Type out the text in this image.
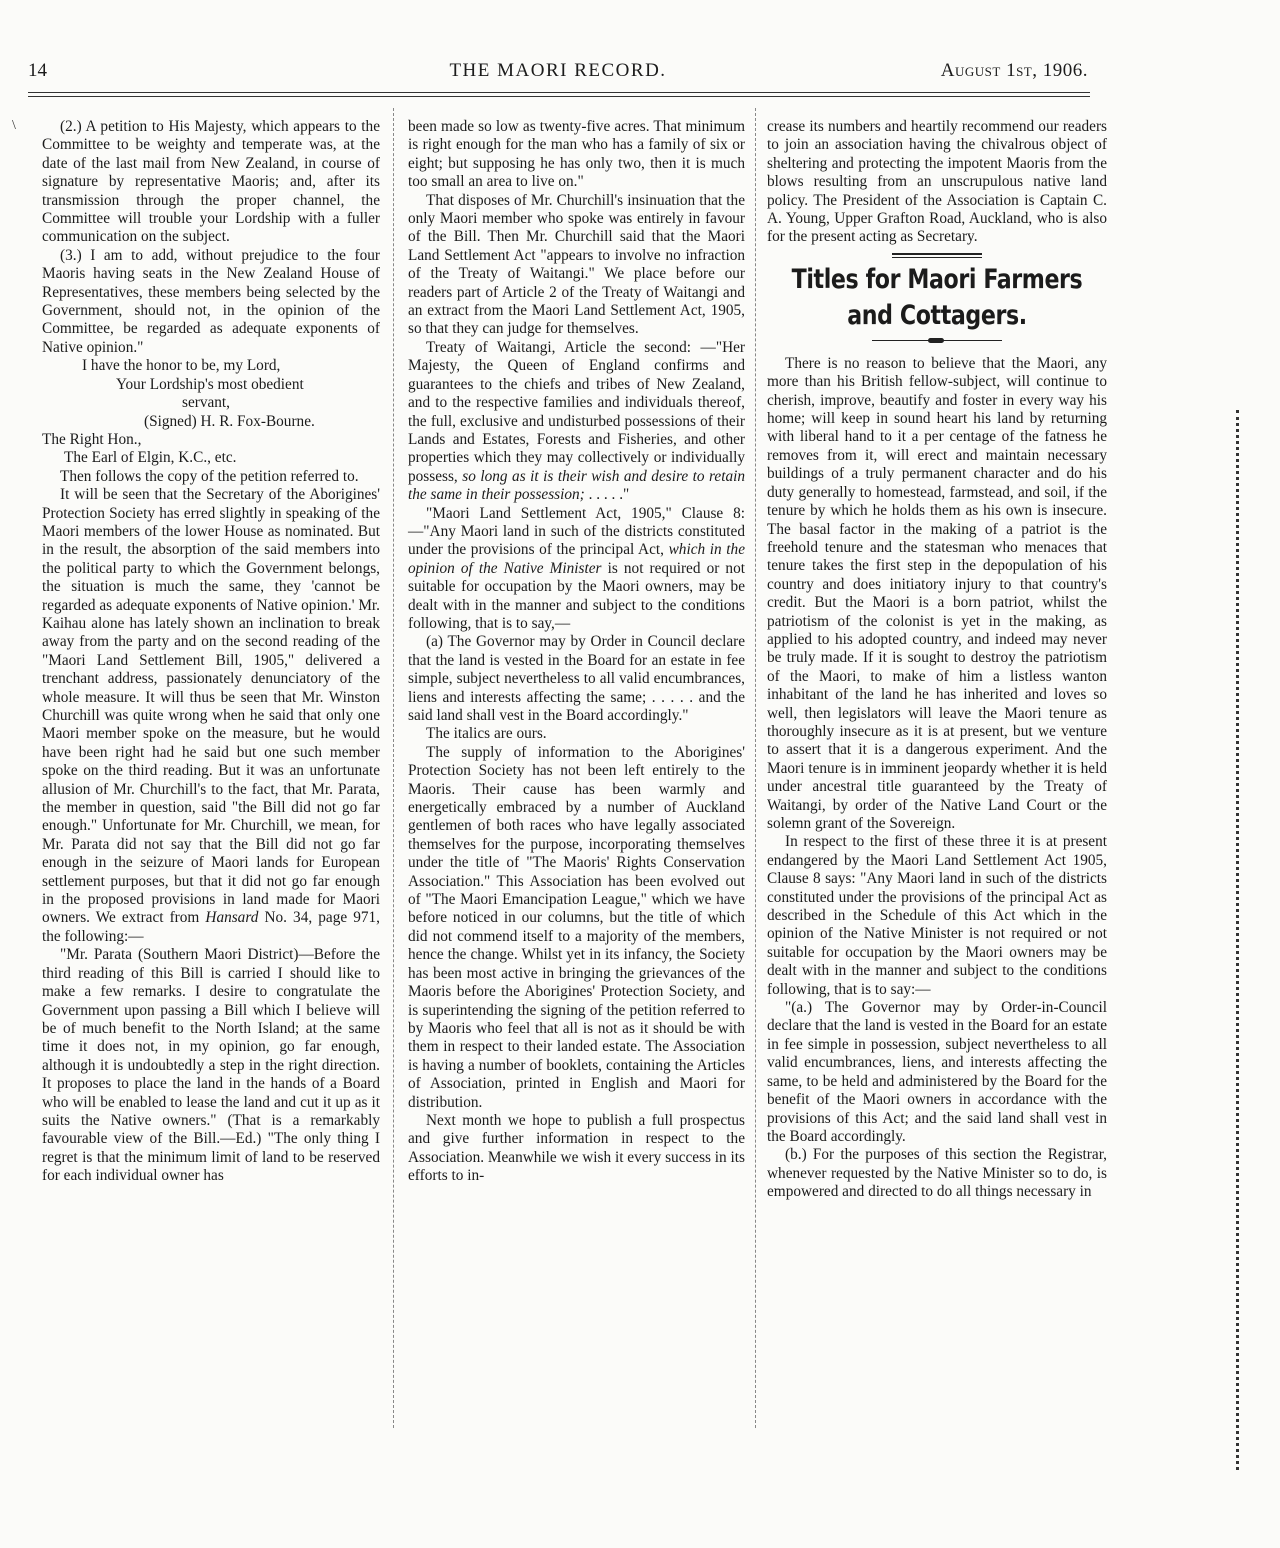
14	THE MAORI RECORD.	August 1st, 1906.

(2.) A petition to His Majesty, which appears to the Committee to be weighty and temperate was, at the date of the last mail from New Zealand, in course of signature by representative Maoris; and, after its transmission through the proper channel, the Committee will trouble your Lordship with a fuller communication on the subject.

(3.) I am to add, without prejudice to the four Maoris having seats in the New Zealand House of Representatives, these members being selected by the Government, should not, in the opinion of the Committee, be regarded as adequate exponents of Native opinion."

I have the honor to be, my Lord,

Your Lordship's most obedient

servant,

(Signed) H. R. Fox-Bourne.

The Right Hon.,

The Earl of Elgin, K.C., etc.

Then follows the copy of the petition referred to.

It will be seen that the Secretary of the Aborigines' Protection Society has erred slightly in speaking of the Maori members of the lower House as nominated. But in the result, the absorption of the said members into the political party to which the Government belongs, the situation is much the same, they 'cannot be regarded as adequate exponents of Native opinion.' Mr. Kaihau alone has lately shown an inclination to break away from the party and on the second reading of the "Maori Land Settlement Bill, 1905," delivered a trenchant address, passionately denunciatory of the whole measure. It will thus be seen that Mr. Winston Churchill was quite wrong when he said that only one Maori member spoke on the measure, but he would have been right had he said but one such member spoke on the third reading. But it was an unfortunate allusion of Mr. Churchill's to the fact, that Mr. Parata, the member in question, said "the Bill did not go far enough." Unfortunate for Mr. Churchill, we mean, for Mr. Parata did not say that the Bill did not go far enough in the seizure of Maori lands for European settlement purposes, but that it did not go far enough in the proposed provisions in land made for Maori owners. We extract from Hansard No. 34, page 971, the following:—

"Mr. Parata (Southern Maori District)—Before the third reading of this Bill is carried I should like to make a few remarks. I desire to congratulate the Government upon passing a Bill which I believe will be of much benefit to the North Island; at the same time it does not, in my opinion, go far enough, although it is undoubtedly a step in the right direction. It proposes to place the land in the hands of a Board who will be enabled to lease the land and cut it up as it suits the Native owners." (That is a remarkably favourable view of the Bill.—Ed.) "The only thing I regret is that the minimum limit of land to be reserved for each individual owner has

been made so low as twenty-five acres. That minimum is right enough for the man who has a family of six or eight; but supposing he has only two, then it is much too small an area to live on."

That disposes of Mr. Churchill's insinuation that the only Maori member who spoke was entirely in favour of the Bill. Then Mr. Churchill said that the Maori Land Settlement Act "appears to involve no infraction of the Treaty of Waitangi." We place before our readers part of Article 2 of the Treaty of Waitangi and an extract from the Maori Land Settlement Act, 1905, so that they can judge for themselves.

Treaty of Waitangi, Article the second: —"Her Majesty, the Queen of England confirms and guarantees to the chiefs and tribes of New Zealand, and to the respective families and individuals thereof, the full, exclusive and undisturbed possessions of their Lands and Estates, Forests and Fisheries, and other properties which they may collectively or individually possess, so long as it is their wish and desire to retain the same in their possession; . . . . ."

"Maori Land Settlement Act, 1905," Clause 8:—"Any Maori land in such of the districts constituted under the provisions of the principal Act, which in the opinion of the Native Minister is not required or not suitable for occupation by the Maori owners, may be dealt with in the manner and subject to the conditions following, that is to say,—

(a) The Governor may by Order in Council declare that the land is vested in the Board for an estate in fee simple, subject nevertheless to all valid encumbrances, liens and interests affecting the same; . . . . . and the said land shall vest in the Board accordingly."

The italics are ours.

The supply of information to the Aborigines' Protection Society has not been left entirely to the Maoris. Their cause has been warmly and energetically embraced by a number of Auckland gentlemen of both races who have legally associated themselves for the purpose, incorporating themselves under the title of "The Maoris' Rights Conservation Association." This Association has been evolved out of "The Maori Emancipation League," which we have before noticed in our columns, but the title of which did not commend itself to a majority of the members, hence the change. Whilst yet in its infancy, the Society has been most active in bringing the grievances of the Maoris before the Aborigines' Protection Society, and is superintending the signing of the petition referred to by Maoris who feel that all is not as it should be with them in respect to their landed estate. The Association is having a number of booklets, containing the Articles of Association, printed in English and Maori for distribution.

Next month we hope to publish a full prospectus and give further information in respect to the Association. Meanwhile we wish it every success in its efforts to in-

crease its numbers and heartily recommend our readers to join an association having the chivalrous object of sheltering and protecting the impotent Maoris from the blows resulting from an unscrupulous native land policy. The President of the Association is Captain C. A. Young, Upper Grafton Road, Auckland, who is also for the present acting as Secretary.

Titles for Maori Farmers
and Cottagers.

There is no reason to believe that the Maori, any more than his British fellow-subject, will continue to cherish, improve, beautify and foster in every way his home; will keep in sound heart his land by returning with liberal hand to it a per centage of the fatness he removes from it, will erect and maintain necessary buildings of a truly permanent character and do his duty generally to homestead, farmstead, and soil, if the tenure by which he holds them as his own is insecure. The basal factor in the making of a patriot is the freehold tenure and the statesman who menaces that tenure takes the first step in the depopulation of his country and does initiatory injury to that country's credit. But the Maori is a born patriot, whilst the patriotism of the colonist is yet in the making, as applied to his adopted country, and indeed may never be truly made. If it is sought to destroy the patriotism of the Maori, to make of him a listless wanton inhabitant of the land he has inherited and loves so well, then legislators will leave the Maori tenure as thoroughly insecure as it is at present, but we venture to assert that it is a dangerous experiment. And the Maori tenure is in imminent jeopardy whether it is held under ancestral title guaranteed by the Treaty of Waitangi, by order of the Native Land Court or the solemn grant of the Sovereign.

In respect to the first of these three it is at present endangered by the Maori Land Settlement Act 1905, Clause 8 says: "Any Maori land in such of the districts constituted under the provisions of the principal Act as described in the Schedule of this Act which in the opinion of the Native Minister is not required or not suitable for occupation by the Maori owners may be dealt with in the manner and subject to the conditions following, that is to say:—

"(a.) The Governor may by Order-in-Council declare that the land is vested in the Board for an estate in fee simple in possession, subject nevertheless to all valid encumbrances, liens, and interests affecting the same, to be held and administered by the Board for the benefit of the Maori owners in accordance with the provisions of this Act; and the said land shall vest in the Board accordingly.

(b.) For the purposes of this section the Registrar, whenever requested by the Native Minister so to do, is empowered and directed to do all things necessary in

\
